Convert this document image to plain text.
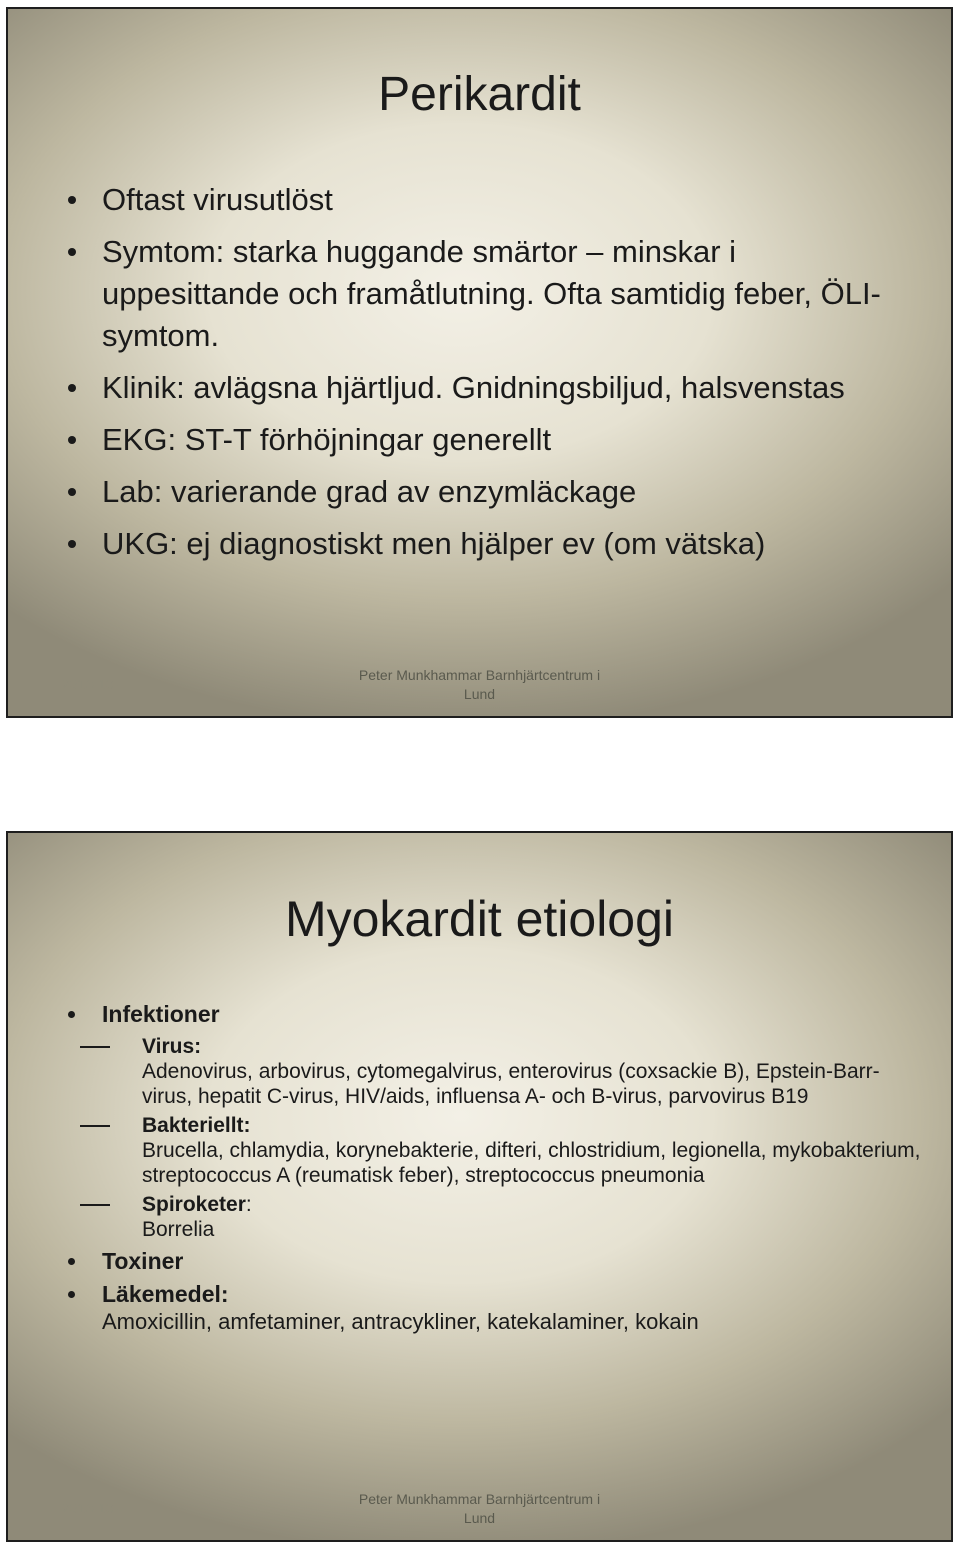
Perikardit
Oftast virusutlöst
Symtom: starka huggande smärtor – minskar i uppesittande och framåtlutning. Ofta samtidig feber, ÖLI-symtom.
Klinik: avlägsna hjärtljud. Gnidningsbiljud, halsvenstas
EKG: ST-T förhöjningar generellt
Lab: varierande grad av enzymläckage
UKG: ej diagnostiskt men hjälper ev (om vätska)
2013-10-
Peter Munkhammar Barnhjärtcentrum i
Lund
Myokardit etiologi
Infektioner
Virus:
Adenovirus, arbovirus, cytomegalvirus, enterovirus (coxsackie B), Epstein-Barr-virus, hepatit C-virus, HIV/aids, influensa A- och B-virus, parvovirus B19
Bakteriellt:
Brucella, chlamydia, korynebakterie, difteri, chlostridium, legionella, mykobakterium, streptococcus A (reumatisk feber), streptococcus pneumonia
Spiroketer:
Borrelia
Toxiner
Läkemedel:
Amoxicillin, amfetaminer, antracykliner, katekalaminer, kokain
2013-10-
Peter Munkhammar Barnhjärtcentrum i
Lund
